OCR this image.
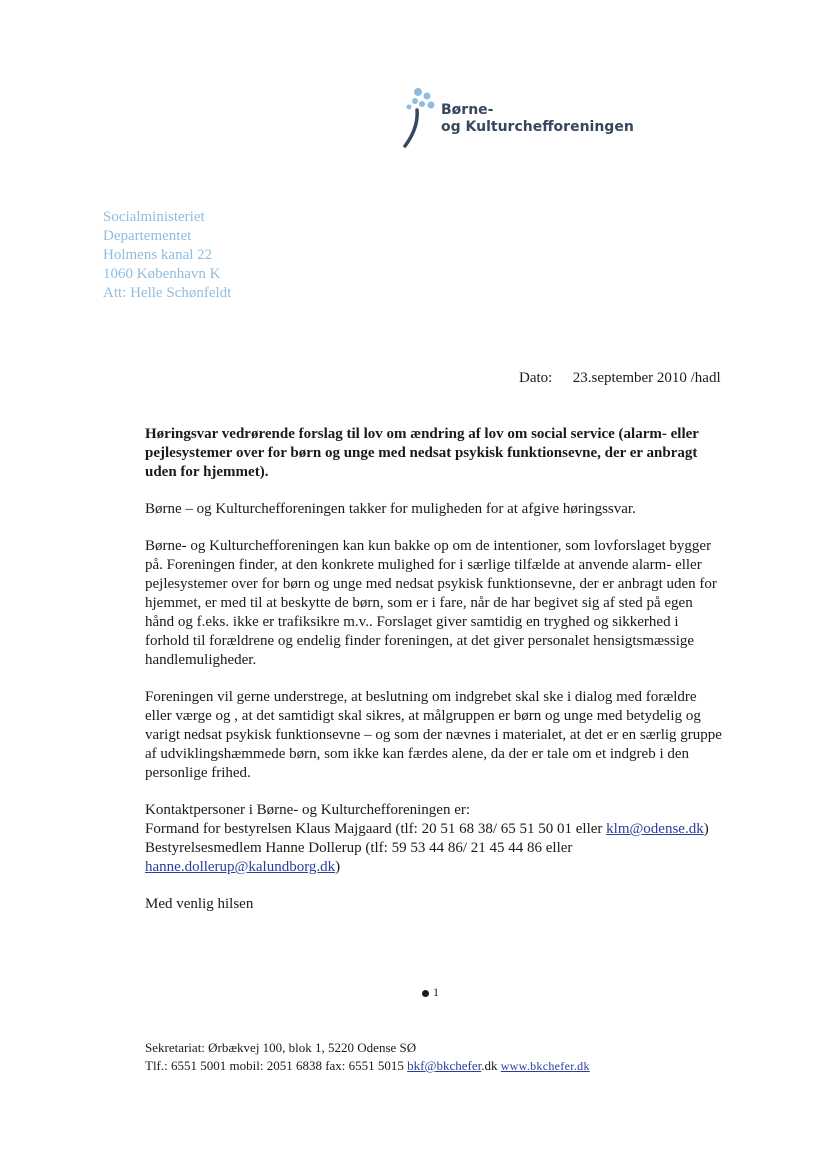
Børne-
og Kulturchefforeningen
Socialministeriet
Departementet
Holmens kanal 22
1060 København K
Att: Helle Schønfeldt
Dato: 23.september 2010 /hadl

Høringsvar vedrørende forslag til lov om ændring af lov om social service (alarm- eller pejlesystemer over for børn og unge med nedsat psykisk funktionsevne, der er anbragt uden for hjemmet).

Børne – og Kulturchefforeningen takker for muligheden for at afgive høringssvar.

Børne- og Kulturchefforeningen kan kun bakke op om de intentioner, som lovforslaget bygger på. Foreningen finder, at den konkrete mulighed for i særlige tilfælde at anvende alarm- eller pejlesystemer over for børn og unge med nedsat psykisk funktionsevne, der er anbragt uden for hjemmet, er med til at beskytte de børn, som er i fare, når de har begivet sig af sted på egen hånd og f.eks. ikke er trafiksikre m.v.. Forslaget giver samtidig en tryghed og sikkerhed i forhold til forældrene og endelig finder foreningen, at det giver personalet hensigtsmæssige handlemuligheder.

Foreningen vil gerne understrege, at beslutning om indgrebet skal ske i dialog med forældre eller værge og , at det samtidigt skal sikres, at målgruppen er børn og unge med betydelig og varigt nedsat psykisk funktionsevne – og som der nævnes i materialet, at det er en særlig gruppe af udviklingshæmmede børn, som ikke kan færdes alene, da der er tale om et indgreb i den personlige frihed.

Kontaktpersoner i Børne- og Kulturchefforeningen er:
Formand for bestyrelsen Klaus Majgaard (tlf: 20 51 68 38/ 65 51 50 01 eller klm@odense.dk)
Bestyrelsesmedlem Hanne Dollerup (tlf: 59 53 44 86/ 21 45 44 86 eller
hanne.dollerup@kalundborg.dk)

Med venlig hilsen

1
Sekretariat: Ørbækvej 100, blok 1, 5220 Odense SØ
Tlf.: 6551 5001 mobil: 2051 6838 fax: 6551 5015 bkf@bkchefer.dk www.bkchefer.dk
